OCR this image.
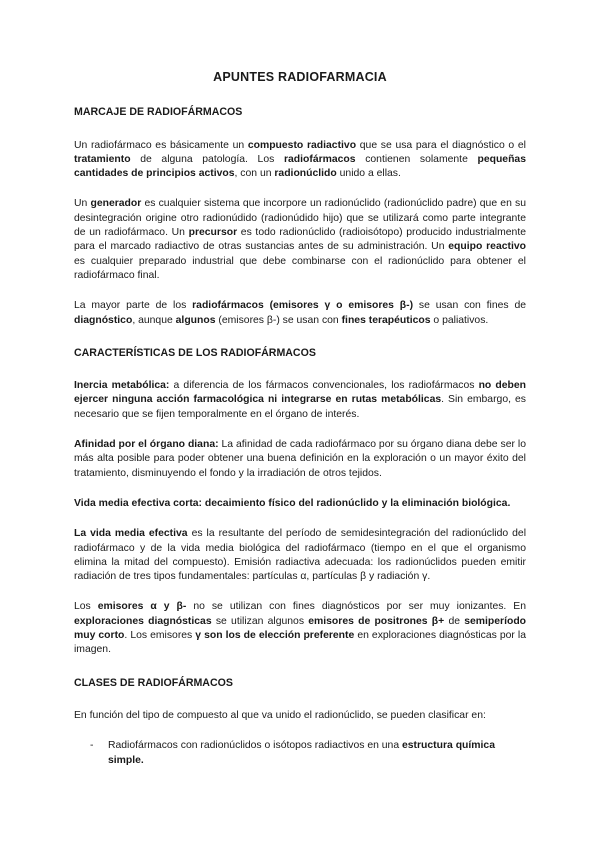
APUNTES RADIOFARMACIA
MARCAJE DE RADIOFÁRMACOS

Un radiofármaco es básicamente un compuesto radiactivo que se usa para el diagnóstico o el tratamiento de alguna patología. Los radiofármacos contienen solamente pequeñas cantidades de principios activos, con un radionúclido unido a ellas.

Un generador es cualquier sistema que incorpore un radionúclido (radionúclido padre) que en su desintegración origine otro radionúdido (radionúdido hijo) que se utilizará como parte integrante de un radiofármaco. Un precursor es todo radionúclido (radioisótopo) producido industrialmente para el marcado radiactivo de otras sustancias antes de su administración. Un equipo reactivo es cualquier preparado industrial que debe combinarse con el radionúclido para obtener el radiofármaco final.

La mayor parte de los radiofármacos (emisores γ o emisores β-) se usan con fines de diagnóstico, aunque algunos (emisores β-) se usan con fines terapéuticos o paliativos.

CARACTERÍSTICAS DE LOS RADIOFÁRMACOS

Inercia metabólica: a diferencia de los fármacos convencionales, los radiofármacos no deben ejercer ninguna acción farmacológica ni integrarse en rutas metabólicas. Sin embargo, es necesario que se fijen temporalmente en el órgano de interés.

Afinidad por el órgano diana: La afinidad de cada radiofármaco por su órgano diana debe ser lo más alta posible para poder obtener una buena definición en la exploración o un mayor éxito del tratamiento, disminuyendo el fondo y la irradiación de otros tejidos.

Vida media efectiva corta: decaimiento físico del radionúclido y la eliminación biológica.

La vida media efectiva es la resultante del período de semidesintegración del radionúclido del radiofármaco y de la vida media biológica del radiofármaco (tiempo en el que el organismo elimina la mitad del compuesto). Emisión radiactiva adecuada: los radionúclidos pueden emitir radiación de tres tipos fundamentales: partículas α, partículas β y radiación γ.

Los emisores α y β- no se utilizan con fines diagnósticos por ser muy ionizantes. En exploraciones diagnósticas se utilizan algunos emisores de positrones β+ de semiperíodo muy corto. Los emisores γ son los de elección preferente en exploraciones diagnósticas por la imagen.

CLASES DE RADIOFÁRMACOS

En función del tipo de compuesto al que va unido el radionúclido, se pueden clasificar en:

- Radiofármacos con radionúclidos o isótopos radiactivos en una estructura química simple.
